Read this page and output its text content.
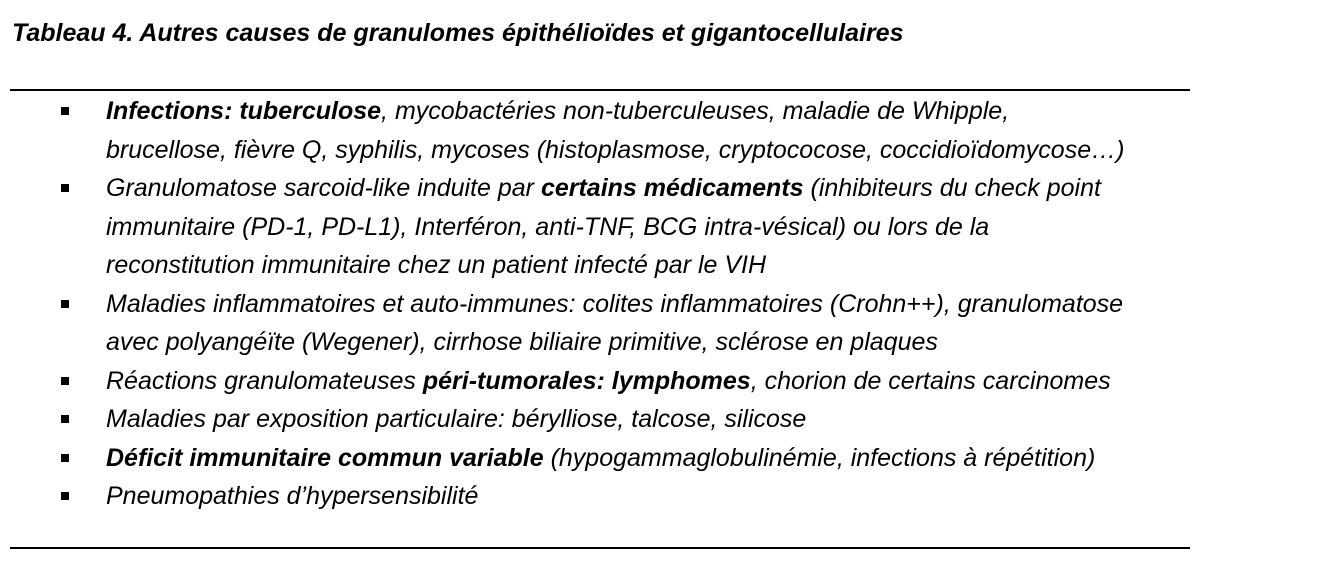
Tableau 4. Autres causes de granulomes épithélioïdes et gigantocellulaires
Infections: tuberculose, mycobactéries non-tuberculeuses, maladie de Whipple,
brucellose, fièvre Q, syphilis, mycoses (histoplasmose, cryptococose, coccidioïdomycose…)
Granulomatose sarcoid-like induite par certains médicaments (inhibiteurs du check point
immunitaire (PD-1, PD-L1), Interféron, anti-TNF, BCG intra-vésical) ou lors de la
reconstitution immunitaire chez un patient infecté par le VIH
Maladies inflammatoires et auto-immunes: colites inflammatoires (Crohn++), granulomatose
avec polyangéïte (Wegener), cirrhose biliaire primitive, sclérose en plaques
Réactions granulomateuses péri-tumorales: lymphomes, chorion de certains carcinomes
Maladies par exposition particulaire: bérylliose, talcose, silicose
Déficit immunitaire commun variable (hypogammaglobulinémie, infections à répétition)
Pneumopathies d’hypersensibilité
